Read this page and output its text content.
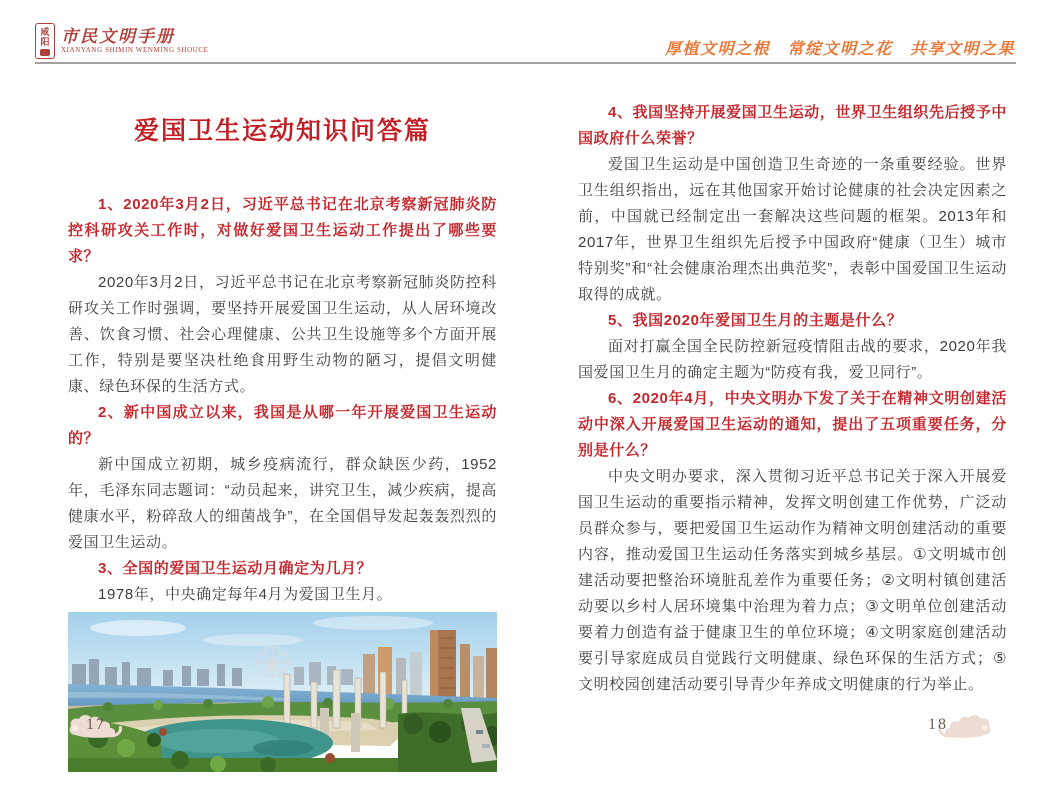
咸
阳 市民文明手册
XIANYANG SHIMIN WENMING SHOUCE	厚植文明之根　常绽文明之花　共享文明之果
爱国卫生运动知识问答篇

1、2020年3月2日，习近平总书记在北京考察新冠肺炎防控科研攻关工作时，对做好爱国卫生运动工作提出了哪些要求？

2020年3月2日，习近平总书记在北京考察新冠肺炎防控科研攻关工作时强调，要坚持开展爱国卫生运动，从人居环境改善、饮食习惯、社会心理健康、公共卫生设施等多个方面开展工作，特别是要坚决杜绝食用野生动物的陋习，提倡文明健康、绿色环保的生活方式。

2、新中国成立以来，我国是从哪一年开展爱国卫生运动的？

新中国成立初期，城乡疫病流行，群众缺医少药，1952年，毛泽东同志题词：“动员起来，讲究卫生，减少疾病，提高健康水平，粉碎敌人的细菌战争”，在全国倡导发起轰轰烈烈的爱国卫生运动。

3、全国的爱国卫生运动月确定为几月？

1978年，中央确定每年4月为爱国卫生月。

4、我国坚持开展爱国卫生运动，世界卫生组织先后授予中国政府什么荣誉？

爱国卫生运动是中国创造卫生奇迹的一条重要经验。世界卫生组织指出，远在其他国家开始讨论健康的社会决定因素之前，中国就已经制定出一套解决这些问题的框架。2013年和2017年，世界卫生组织先后授予中国政府“健康（卫生）城市特别奖”和“社会健康治理杰出典范奖”，表彰中国爱国卫生运动取得的成就。

5、我国2020年爱国卫生月的主题是什么？

面对打赢全国全民防控新冠疫情阻击战的要求，2020年我国爱国卫生月的确定主题为“防疫有我，爱卫同行”。

6、2020年4月，中央文明办下发了关于在精神文明创建活动中深入开展爱国卫生运动的通知，提出了五项重要任务，分别是什么？

中央文明办要求，深入贯彻习近平总书记关于深入开展爱国卫生运动的重要指示精神，发挥文明创建工作优势，广泛动员群众参与，要把爱国卫生运动作为精神文明创建活动的重要内容，推动爱国卫生运动任务落实到城乡基层。①文明城市创建活动要把整治环境脏乱差作为重要任务；②文明村镇创建活动要以乡村人居环境集中治理为着力点；③文明单位创建活动要着力创造有益于健康卫生的单位环境；④文明家庭创建活动要引导家庭成员自觉践行文明健康、绿色环保的生活方式；⑤文明校园创建活动要引导青少年养成文明健康的行为举止。

17	18
